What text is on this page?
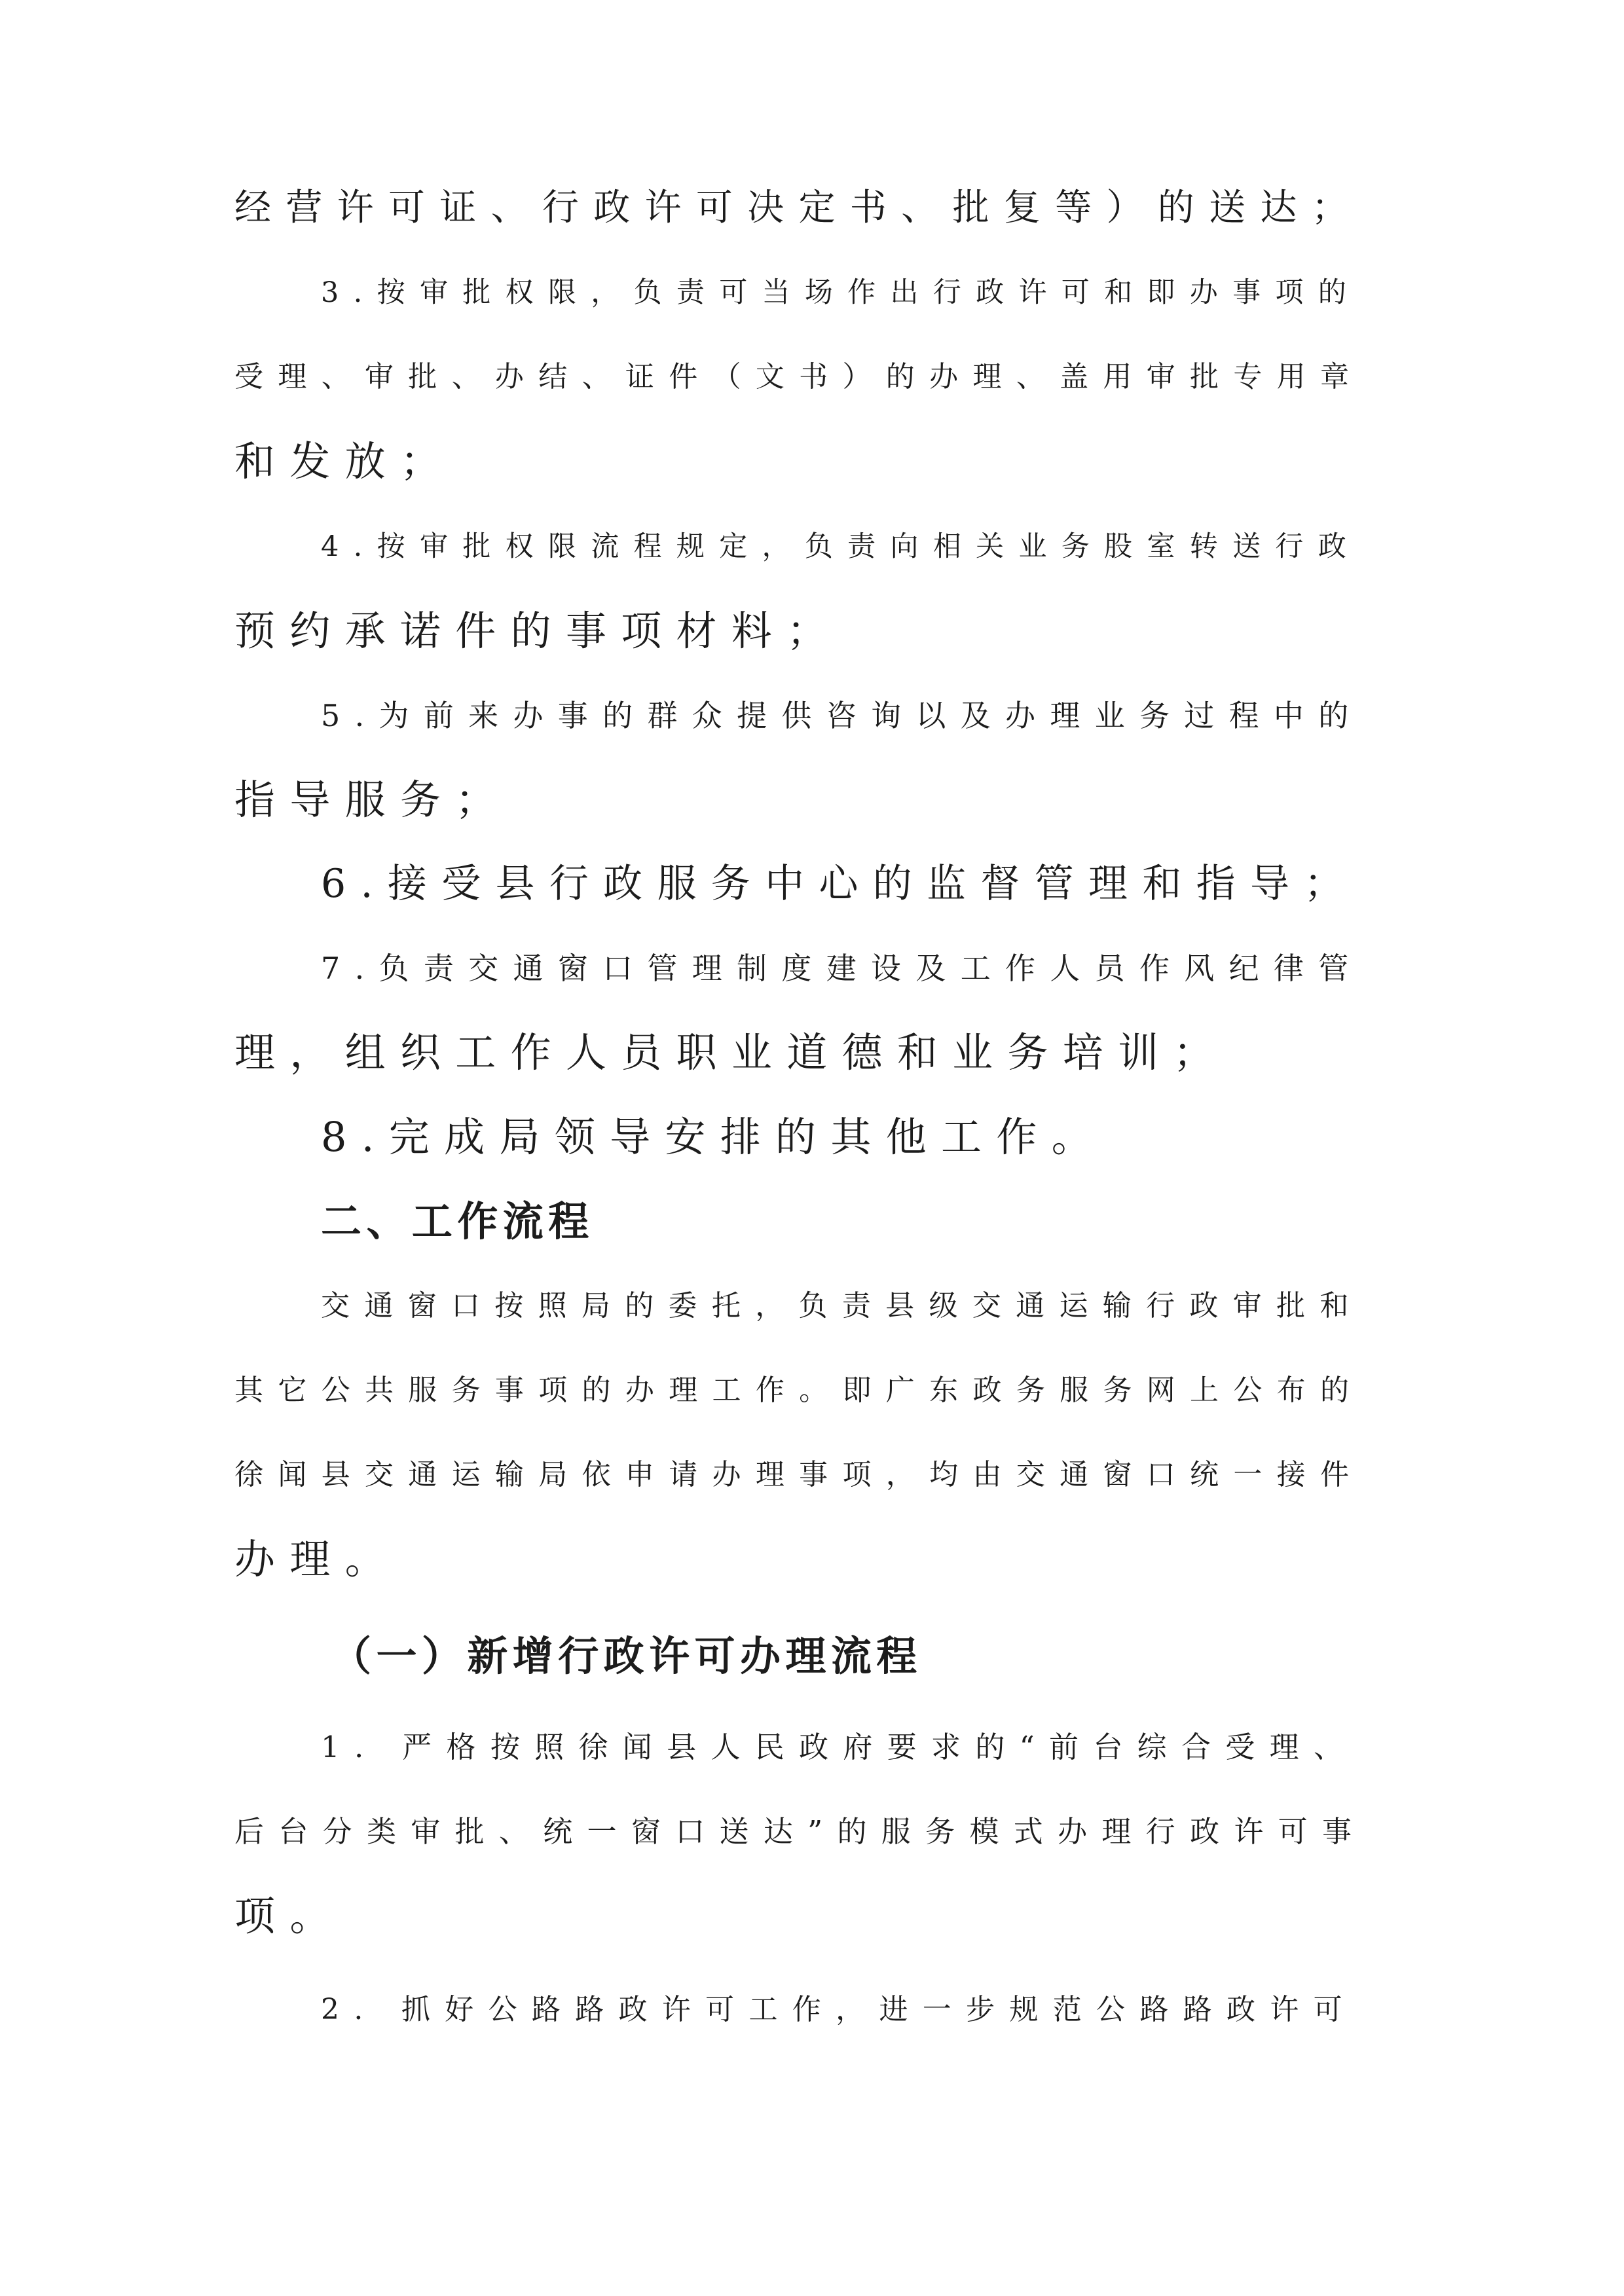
经营许可证、行政许可决定书、批复等）的送达；
3.按审批权限，负责可当场作出行政许可和即办事项的
受理、审批、办结、证件（文书）的办理、盖用审批专用章
和发放；
4.按审批权限流程规定，负责向相关业务股室转送行政
预约承诺件的事项材料；
5.为前来办事的群众提供咨询以及办理业务过程中的
指导服务；
6.接受县行政服务中心的监督管理和指导；
7.负责交通窗口管理制度建设及工作人员作风纪律管
理，组织工作人员职业道德和业务培训；
8.完成局领导安排的其他工作。
二、工作流程
交通窗口按照局的委托，负责县级交通运输行政审批和
其它公共服务事项的办理工作。即广东政务服务网上公布的
徐闻县交通运输局依申请办理事项，均由交通窗口统一接件
办理。
（一）新增行政许可办理流程
1. 严格按照徐闻县人民政府要求的“前台综合受理、
后台分类审批、统一窗口送达”的服务模式办理行政许可事
项。
2. 抓好公路路政许可工作，进一步规范公路路政许可
